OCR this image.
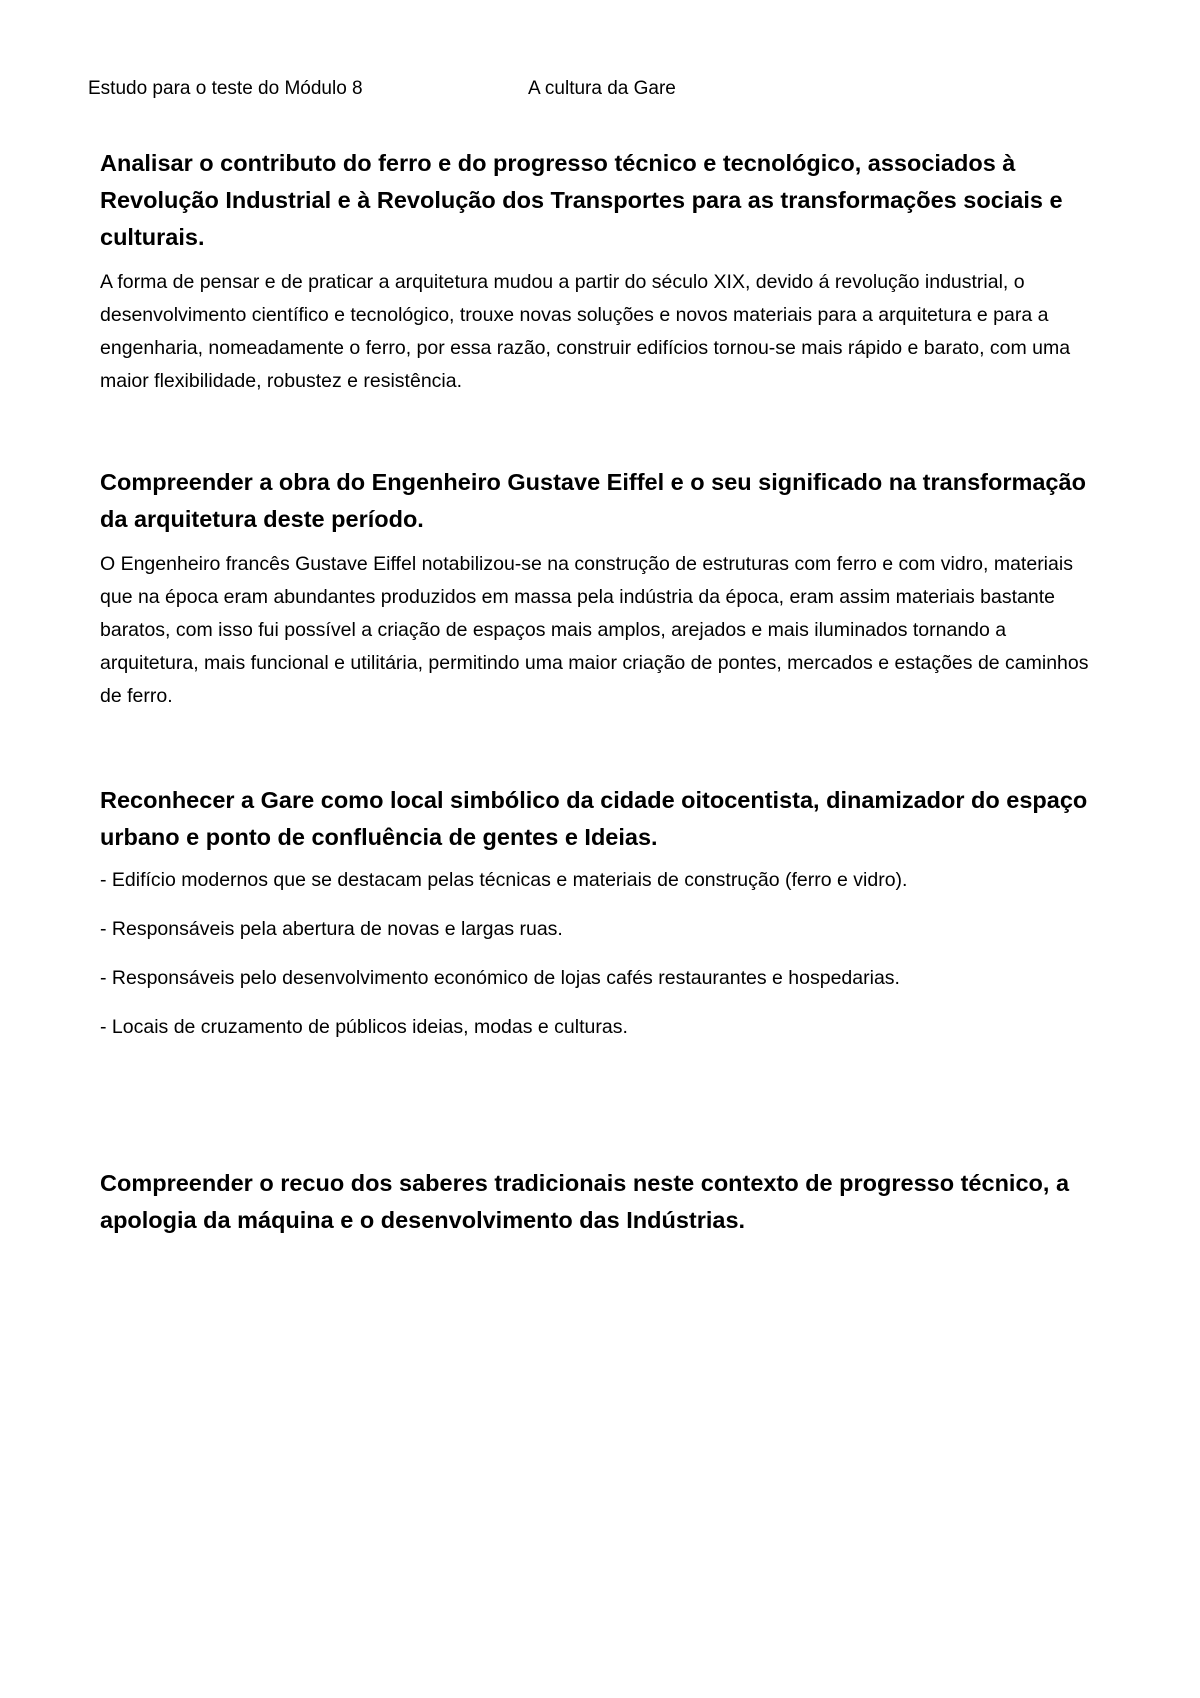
Estudo para o teste do Módulo 8	A cultura da Gare
Analisar o contributo do ferro e do progresso técnico e tecnológico, associados à Revolução Industrial e à Revolução dos Transportes para as transformações sociais e culturais.

A forma de pensar e de praticar a arquitetura mudou a partir do século XIX, devido á revolução industrial, o desenvolvimento científico e tecnológico, trouxe novas soluções e novos materiais para a arquitetura e para a engenharia, nomeadamente o ferro, por essa razão, construir edifícios tornou-se mais rápido e barato, com uma maior flexibilidade, robustez e resistência.

Compreender a obra do Engenheiro Gustave Eiffel e o seu significado na transformação da arquitetura deste período.

O Engenheiro francês Gustave Eiffel notabilizou-se na construção de estruturas com ferro e com vidro, materiais que na época eram abundantes produzidos em massa pela indústria da época, eram assim materiais bastante baratos, com isso fui possível a criação de espaços mais amplos, arejados e mais iluminados tornando a arquitetura, mais funcional e utilitária, permitindo uma maior criação de pontes, mercados e estações de caminhos de ferro.

Reconhecer a Gare como local simbólico da cidade oitocentista, dinamizador do espaço urbano e ponto de confluência de gentes e Ideias.
- Edifício modernos que se destacam pelas técnicas e materiais de construção (ferro e vidro).
- Responsáveis pela abertura de novas e largas ruas.
- Responsáveis pelo desenvolvimento económico de lojas cafés restaurantes e hospedarias.
- Locais de cruzamento de públicos ideias, modas e culturas.
Compreender o recuo dos saberes tradicionais neste contexto de progresso técnico, a apologia da máquina e o desenvolvimento das Indústrias.
